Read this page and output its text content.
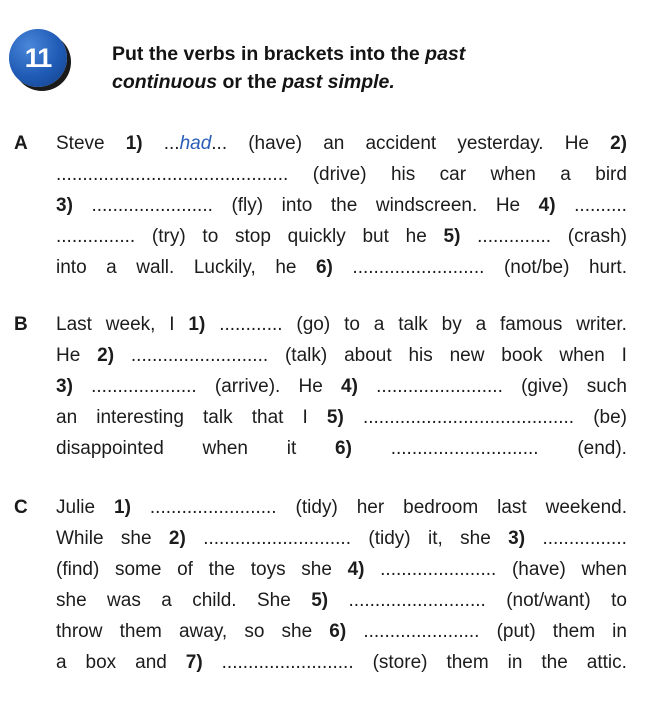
11	Put the verbs in brackets into the past
continuous or the past simple.
A Steve 1) ...had... (have) an accident yesterday. He 2)
............................................ (drive) his car when a bird
3) ....................... (fly) into the windscreen. He 4) ..........
............... (try) to stop quickly but he 5) .............. (crash)
into a wall. Luckily, he 6) ......................... (not/be) hurt.
B Last week, I 1) ............ (go) to a talk by a famous writer.
He 2) .......................... (talk) about his new book when I
3) .................... (arrive). He 4) ........................ (give) such
an interesting talk that I 5) ........................................ (be)
disappointed when it 6) ............................ (end).
C Julie 1) ........................ (tidy) her bedroom last weekend.
While she 2) ............................ (tidy) it, she 3) ................
(find) some of the toys she 4) ...................... (have) when
she was a child. She 5) .......................... (not/want) to
throw them away, so she 6) ...................... (put) them in
a box and 7) ......................... (store) them in the attic.
